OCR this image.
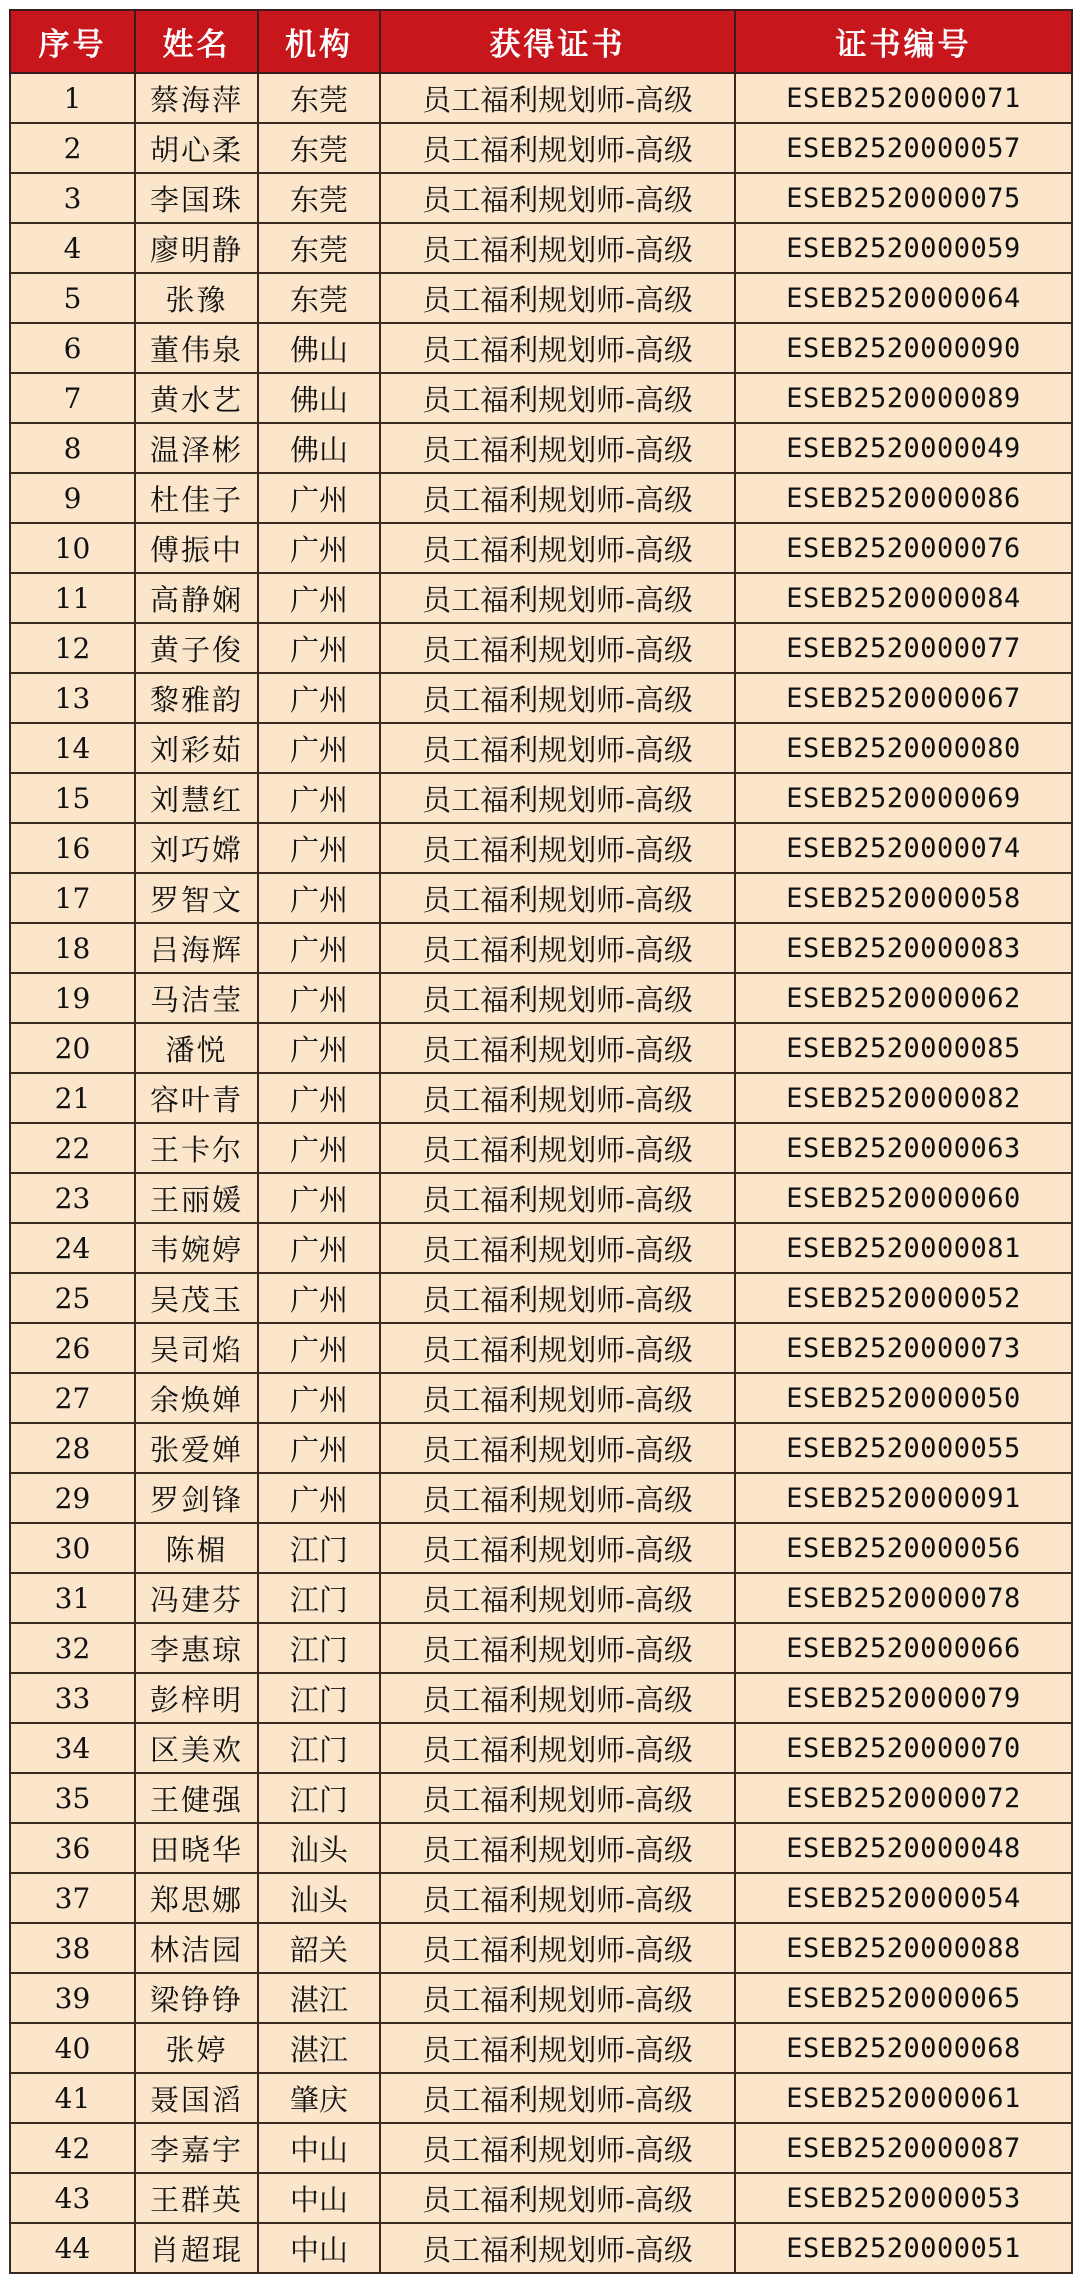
序号	姓名	机构	获得证书	证书编号
1	蔡海萍	东莞	员工福利规划师-高级	ESEB2520000071
2	胡心柔	东莞	员工福利规划师-高级	ESEB2520000057
3	李国珠	东莞	员工福利规划师-高级	ESEB2520000075
4	廖明静	东莞	员工福利规划师-高级	ESEB2520000059
5	张豫	东莞	员工福利规划师-高级	ESEB2520000064
6	董伟泉	佛山	员工福利规划师-高级	ESEB2520000090
7	黄水艺	佛山	员工福利规划师-高级	ESEB2520000089
8	温泽彬	佛山	员工福利规划师-高级	ESEB2520000049
9	杜佳子	广州	员工福利规划师-高级	ESEB2520000086
10	傅振中	广州	员工福利规划师-高级	ESEB2520000076
11	高静娴	广州	员工福利规划师-高级	ESEB2520000084
12	黄子俊	广州	员工福利规划师-高级	ESEB2520000077
13	黎雅韵	广州	员工福利规划师-高级	ESEB2520000067
14	刘彩茹	广州	员工福利规划师-高级	ESEB2520000080
15	刘慧红	广州	员工福利规划师-高级	ESEB2520000069
16	刘巧嫦	广州	员工福利规划师-高级	ESEB2520000074
17	罗智文	广州	员工福利规划师-高级	ESEB2520000058
18	吕海辉	广州	员工福利规划师-高级	ESEB2520000083
19	马洁莹	广州	员工福利规划师-高级	ESEB2520000062
20	潘悦	广州	员工福利规划师-高级	ESEB2520000085
21	容叶青	广州	员工福利规划师-高级	ESEB2520000082
22	王卡尔	广州	员工福利规划师-高级	ESEB2520000063
23	王丽媛	广州	员工福利规划师-高级	ESEB2520000060
24	韦婉婷	广州	员工福利规划师-高级	ESEB2520000081
25	吴茂玉	广州	员工福利规划师-高级	ESEB2520000052
26	吴司焰	广州	员工福利规划师-高级	ESEB2520000073
27	余焕婵	广州	员工福利规划师-高级	ESEB2520000050
28	张爱婵	广州	员工福利规划师-高级	ESEB2520000055
29	罗剑锋	广州	员工福利规划师-高级	ESEB2520000091
30	陈楣	江门	员工福利规划师-高级	ESEB2520000056
31	冯建芬	江门	员工福利规划师-高级	ESEB2520000078
32	李惠琼	江门	员工福利规划师-高级	ESEB2520000066
33	彭梓明	江门	员工福利规划师-高级	ESEB2520000079
34	区美欢	江门	员工福利规划师-高级	ESEB2520000070
35	王健强	江门	员工福利规划师-高级	ESEB2520000072
36	田晓华	汕头	员工福利规划师-高级	ESEB2520000048
37	郑思娜	汕头	员工福利规划师-高级	ESEB2520000054
38	林洁园	韶关	员工福利规划师-高级	ESEB2520000088
39	梁铮铮	湛江	员工福利规划师-高级	ESEB2520000065
40	张婷	湛江	员工福利规划师-高级	ESEB2520000068
41	聂国滔	肇庆	员工福利规划师-高级	ESEB2520000061
42	李嘉宇	中山	员工福利规划师-高级	ESEB2520000087
43	王群英	中山	员工福利规划师-高级	ESEB2520000053
44	肖超琨	中山	员工福利规划师-高级	ESEB2520000051
